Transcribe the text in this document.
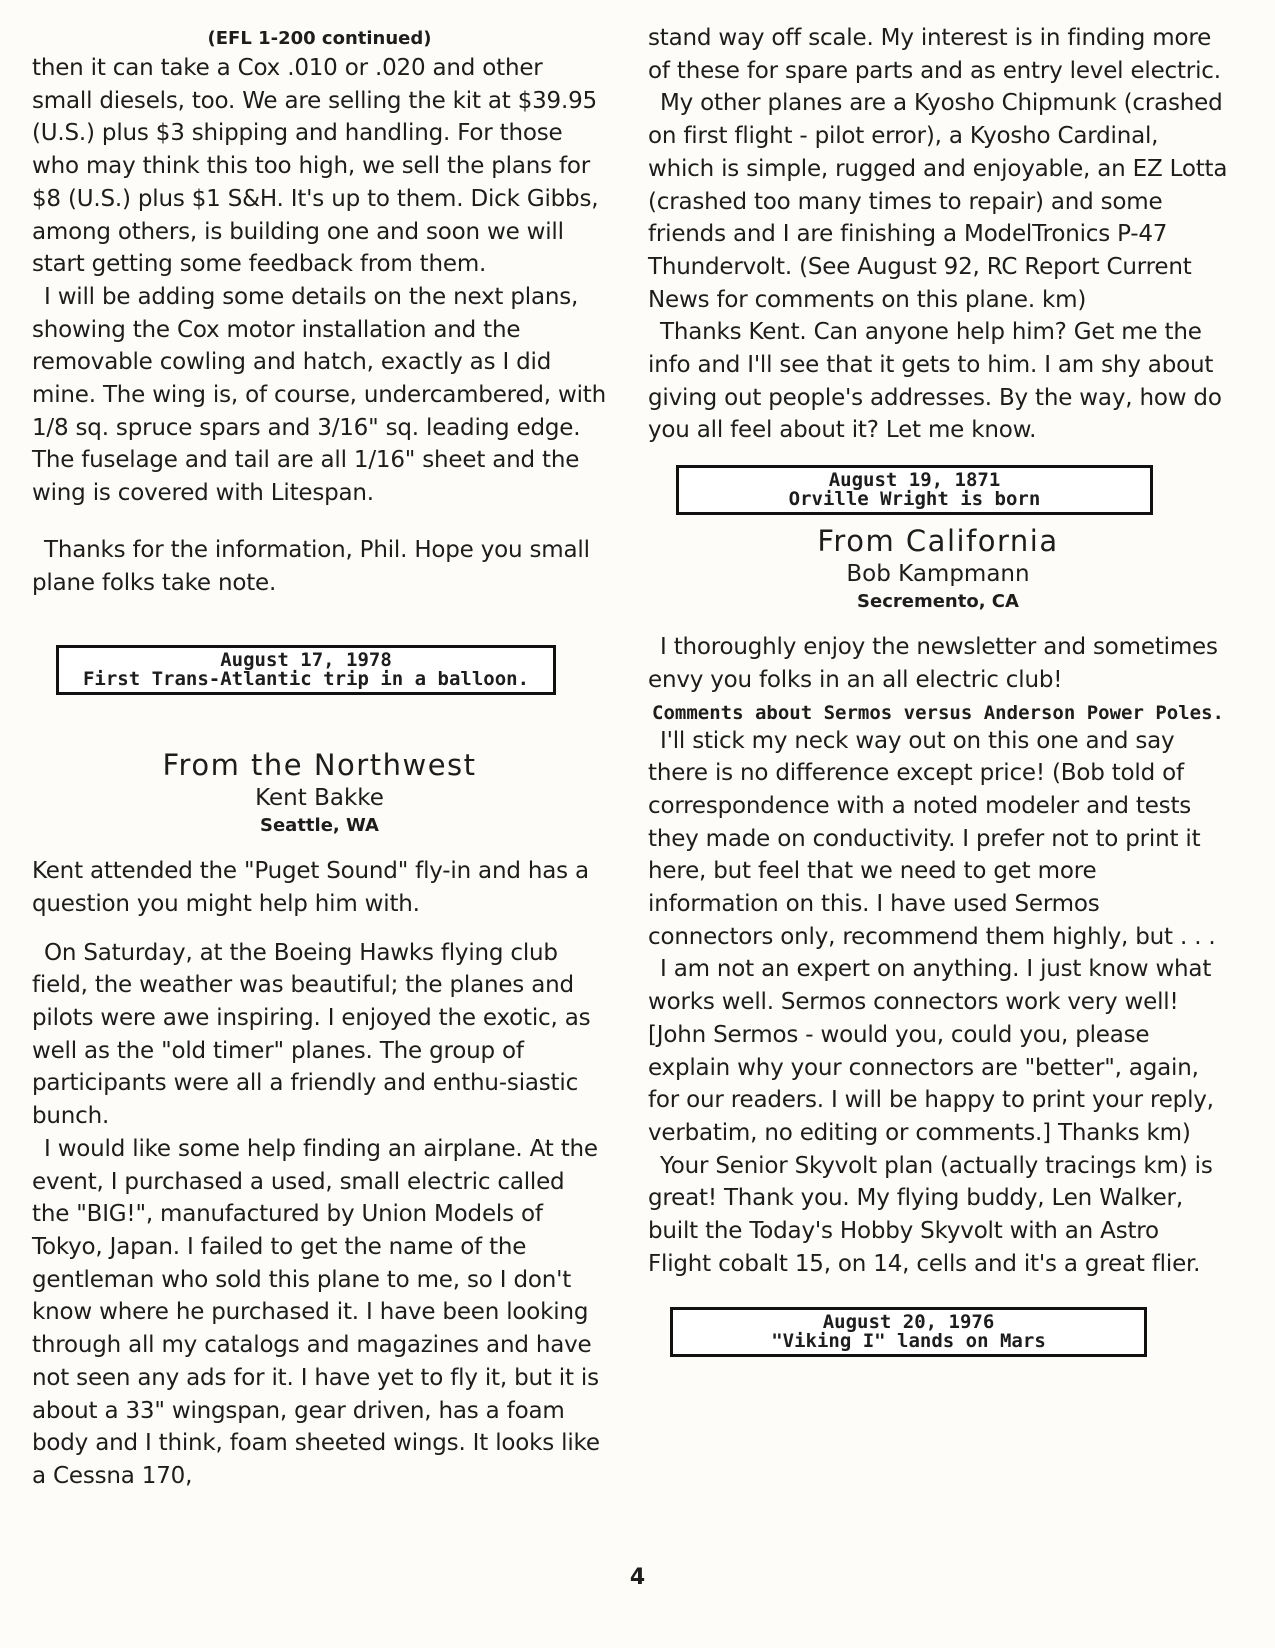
(EFL 1-200 continued)

then it can take a Cox .010 or .020 and other small diesels, too. We are selling the kit at $39.95 (U.S.) plus $3 shipping and handling. For those who may think this too high, we sell the plans for $8 (U.S.) plus $1 S&H. It's up to them. Dick Gibbs, among others, is building one and soon we will start getting some feedback from them.

I will be adding some details on the next plans, showing the Cox motor installation and the removable cowling and hatch, exactly as I did mine. The wing is, of course, undercambered, with 1/8 sq. spruce spars and 3/16" sq. leading edge. The fuselage and tail are all 1/16" sheet and the wing is covered with Litespan.

Thanks for the information, Phil. Hope you small plane folks take note.

August 17, 1978
First Trans-Atlantic trip in a balloon.
From the Northwest
Kent Bakke
Seattle, WA

Kent attended the "Puget Sound" fly-in and has a question you might help him with.

On Saturday, at the Boeing Hawks flying club field, the weather was beautiful; the planes and pilots were awe inspiring. I enjoyed the exotic, as well as the "old timer" planes. The group of participants were all a friendly and enthu-siastic bunch.

I would like some help finding an airplane. At the event, I purchased a used, small electric called the "BIG!", manufactured by Union Models of Tokyo, Japan. I failed to get the name of the gentleman who sold this plane to me, so I don't know where he purchased it. I have been looking through all my catalogs and magazines and have not seen any ads for it. I have yet to fly it, but it is about a 33" wingspan, gear driven, has a foam body and I think, foam sheeted wings. It looks like a Cessna 170,

stand way off scale. My interest is in finding more of these for spare parts and as entry level electric.

My other planes are a Kyosho Chipmunk (crashed on first flight - pilot error), a Kyosho Cardinal, which is simple, rugged and enjoyable, an EZ Lotta (crashed too many times to repair) and some friends and I are finishing a ModelTronics P-47 Thundervolt. (See August 92, RC Report Current News for comments on this plane. km)

Thanks Kent. Can anyone help him? Get me the info and I'll see that it gets to him. I am shy about giving out people's addresses. By the way, how do you all feel about it? Let me know.

August 19, 1871
Orville Wright is born
From California
Bob Kampmann
Secremento, CA

I thoroughly enjoy the newsletter and sometimes envy you folks in an all electric club!

Comments about Sermos versus Anderson Power Poles.

I'll stick my neck way out on this one and say there is no difference except price! (Bob told of correspondence with a noted modeler and tests they made on conductivity. I prefer not to print it here, but feel that we need to get more information on this. I have used Sermos connectors only, recommend them highly, but . . .

I am not an expert on anything. I just know what works well. Sermos connectors work very well! [John Sermos - would you, could you, please explain why your connectors are "better", again, for our readers. I will be happy to print your reply, verbatim, no editing or comments.] Thanks km)

Your Senior Skyvolt plan (actually tracings km) is great! Thank you. My flying buddy, Len Walker, built the Today's Hobby Skyvolt with an Astro Flight cobalt 15, on 14, cells and it's a great flier.

August 20, 1976
"Viking I" lands on Mars
4
